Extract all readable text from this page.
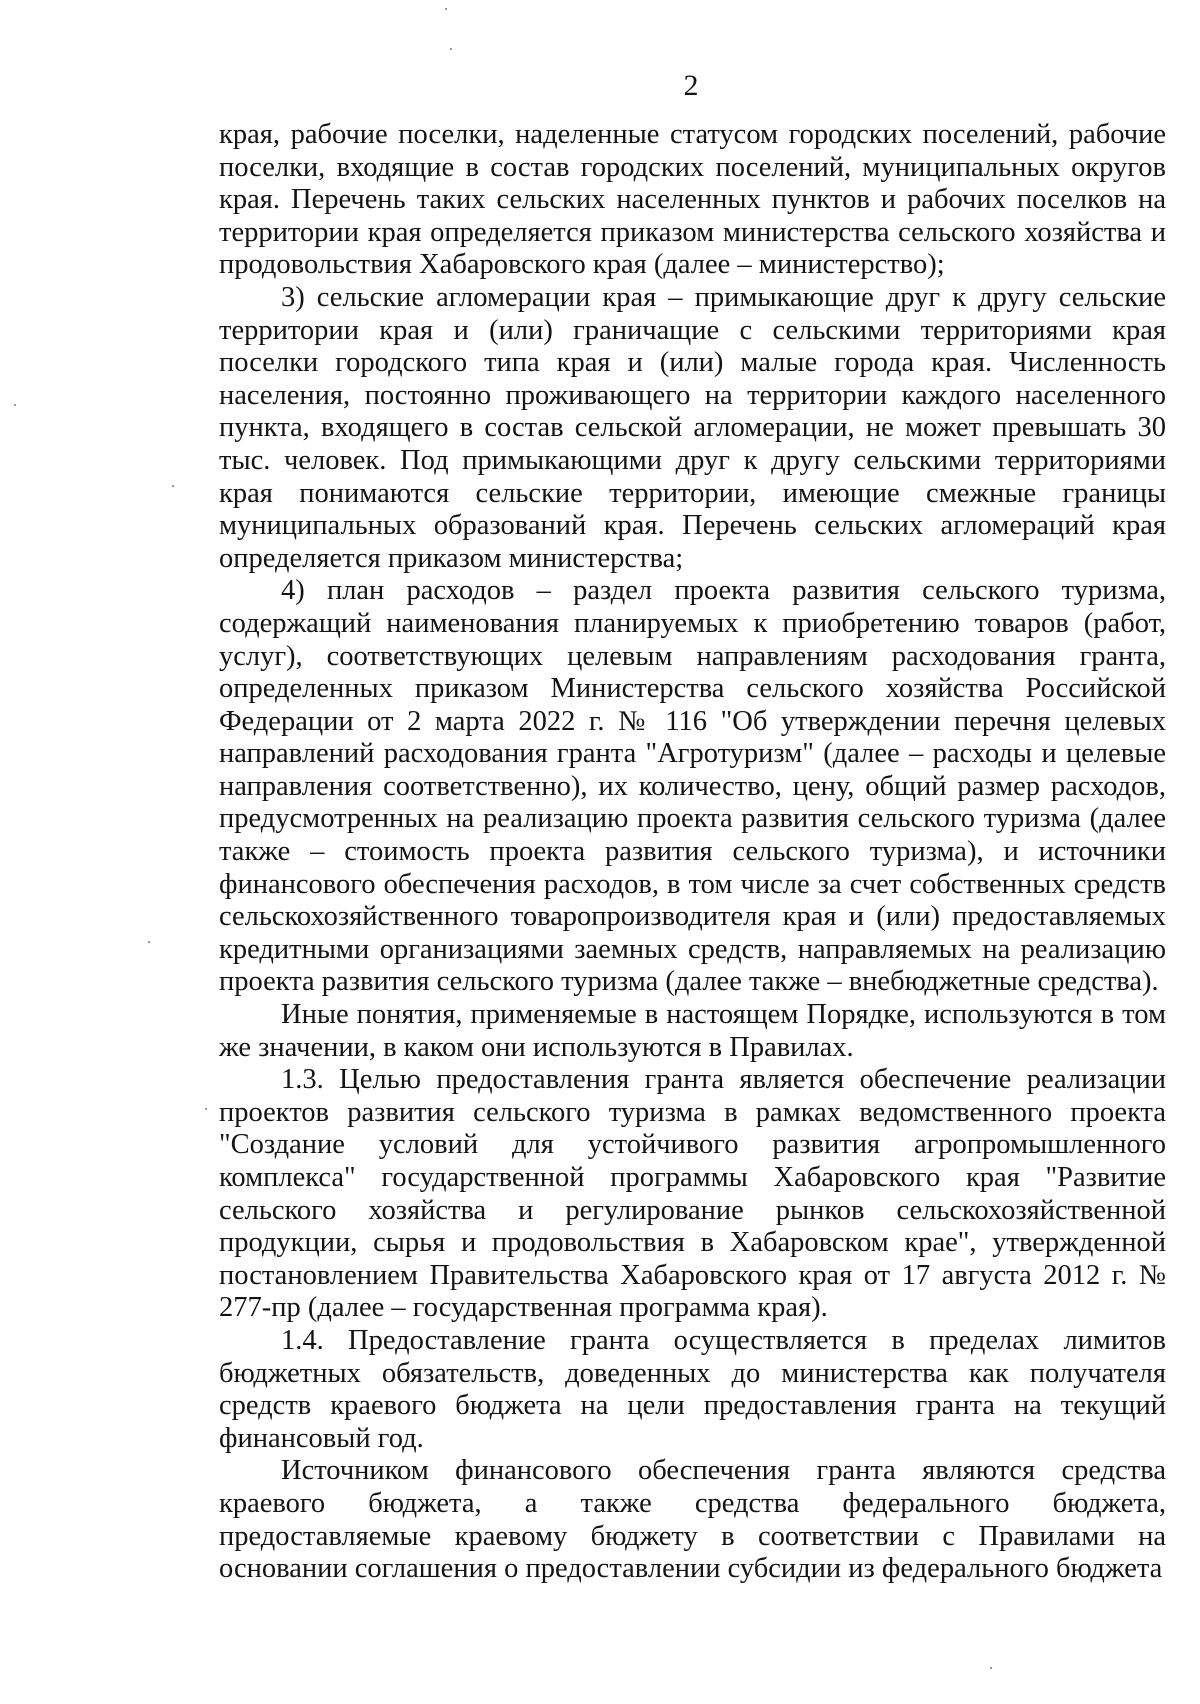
2

края, рабочие поселки, наделенные статусом городских поселений, рабочие поселки, входящие в состав городских поселений, муниципальных округов края. Перечень таких сельских населенных пунктов и рабочих поселков на территории края определяется приказом министерства сельского хозяйства и продовольствия Хабаровского края (далее – министерство);

3) сельские агломерации края – примыкающие друг к другу сельские территории края и (или) граничащие с сельскими территориями края поселки городского типа края и (или) малые города края. Численность населения, постоянно проживающего на территории каждого населенного пункта, входящего в состав сельской агломерации, не может превышать 30 тыс. человек. Под примыкающими друг к другу сельскими территориями края понимаются сельские территории, имеющие смежные границы муниципальных образований края. Перечень сельских агломераций края определяется приказом министерства;

4) план расходов – раздел проекта развития сельского туризма, содержащий наименования планируемых к приобретению товаров (работ, услуг), соответствующих целевым направлениям расходования гранта, определенных приказом Министерства сельского хозяйства Российской Федерации от 2 марта 2022 г. № 116 "Об утверждении перечня целевых направлений расходования гранта "Агротуризм" (далее – расходы и целевые направления соответственно), их количество, цену, общий размер расходов, предусмотренных на реализацию проекта развития сельского туризма (далее также – стоимость проекта развития сельского туризма), и источники финансового обеспечения расходов, в том числе за счет собственных средств сельскохозяйственного товаропроизводителя края и (или) предоставляемых кредитными организациями заемных средств, направляемых на реализацию проекта развития сельского туризма (далее также – внебюджетные средства).

Иные понятия, применяемые в настоящем Порядке, используются в том же значении, в каком они используются в Правилах.

1.3. Целью предоставления гранта является обеспечение реализации проектов развития сельского туризма в рамках ведомственного проекта "Создание условий для устойчивого развития агропромышленного комплекса" государственной программы Хабаровского края "Развитие сельского хозяйства и регулирование рынков сельскохозяйственной продукции, сырья и продовольствия в Хабаровском крае", утвержденной постановлением Правительства Хабаровского края от 17 августа 2012 г. № 277-пр (далее – государственная программа края).

1.4. Предоставление гранта осуществляется в пределах лимитов бюджетных обязательств, доведенных до министерства как получателя средств краевого бюджета на цели предоставления гранта на текущий финансовый год.

Источником финансового обеспечения гранта являются средства краевого бюджета, а также средства федерального бюджета, предоставляемые краевому бюджету в соответствии с Правилами на основании соглашения о предоставлении субсидии из федерального бюджета
